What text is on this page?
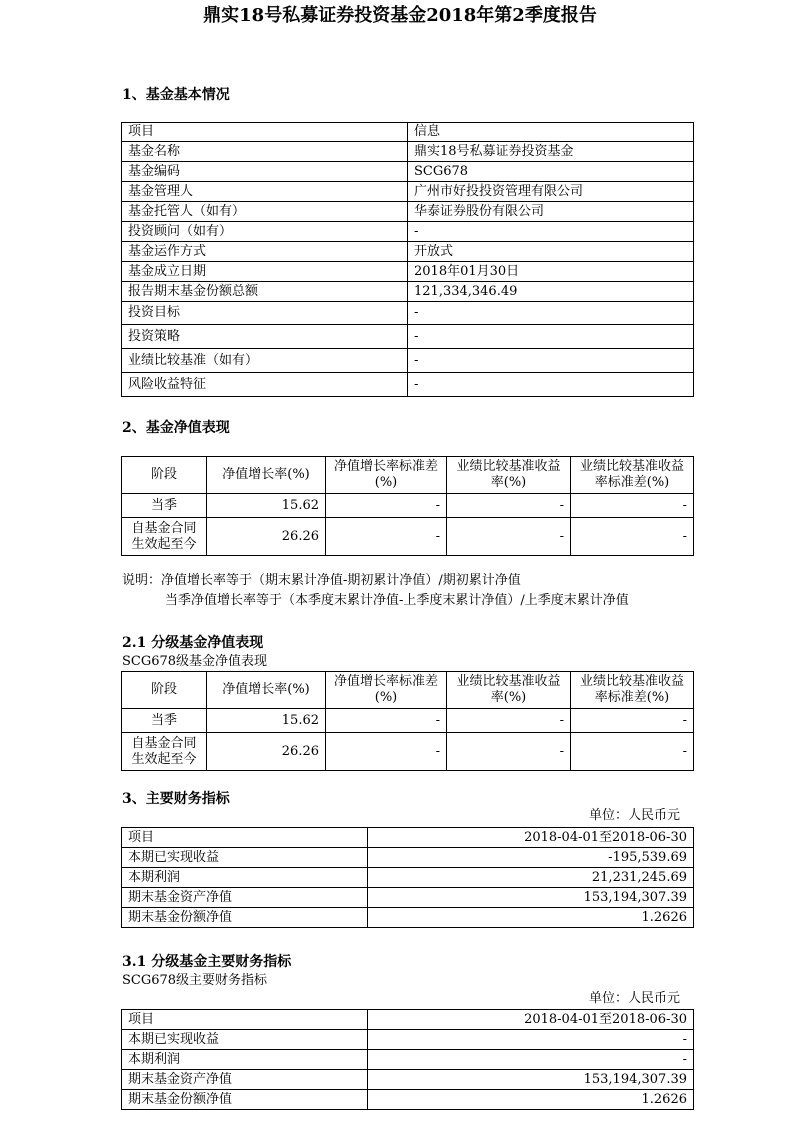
鼎实18号私募证券投资基金2018年第2季度报告
1、基金基本情况
项目	信息
基金名称	鼎实18号私募证券投资基金
基金编码	SCG678
基金管理人	广州市好投投资管理有限公司
基金托管人（如有）	华泰证券股份有限公司
投资顾问（如有）	-
基金运作方式	开放式
基金成立日期	2018年01月30日
报告期末基金份额总额	121,334,346.49
投资目标	-
投资策略	-
业绩比较基准（如有）	-
风险收益特征	-
2、基金净值表现
阶段	净值增长率(%)	净值增长率标准差(%)	业绩比较基准收益率(%)	业绩比较基准收益率标准差(%)
当季	15.62	-	-	-
自基金合同生效起至今	26.26	-	-	-
说明：净值增长率等于（期末累计净值-期初累计净值）/期初累计净值
当季净值增长率等于（本季度末累计净值-上季度末累计净值）/上季度末累计净值
2.1 分级基金净值表现
SCG678级基金净值表现
阶段	净值增长率(%)	净值增长率标准差(%)	业绩比较基准收益率(%)	业绩比较基准收益率标准差(%)
当季	15.62	-	-	-
自基金合同生效起至今	26.26	-	-	-
3、主要财务指标
单位：人民币元
项目	2018-04-01至2018-06-30
本期已实现收益	-195,539.69
本期利润	21,231,245.69
期末基金资产净值	153,194,307.39
期末基金份额净值	1.2626
3.1 分级基金主要财务指标
SCG678级主要财务指标
单位：人民币元
项目	2018-04-01至2018-06-30
本期已实现收益	-
本期利润	-
期末基金资产净值	153,194,307.39
期末基金份额净值	1.2626
